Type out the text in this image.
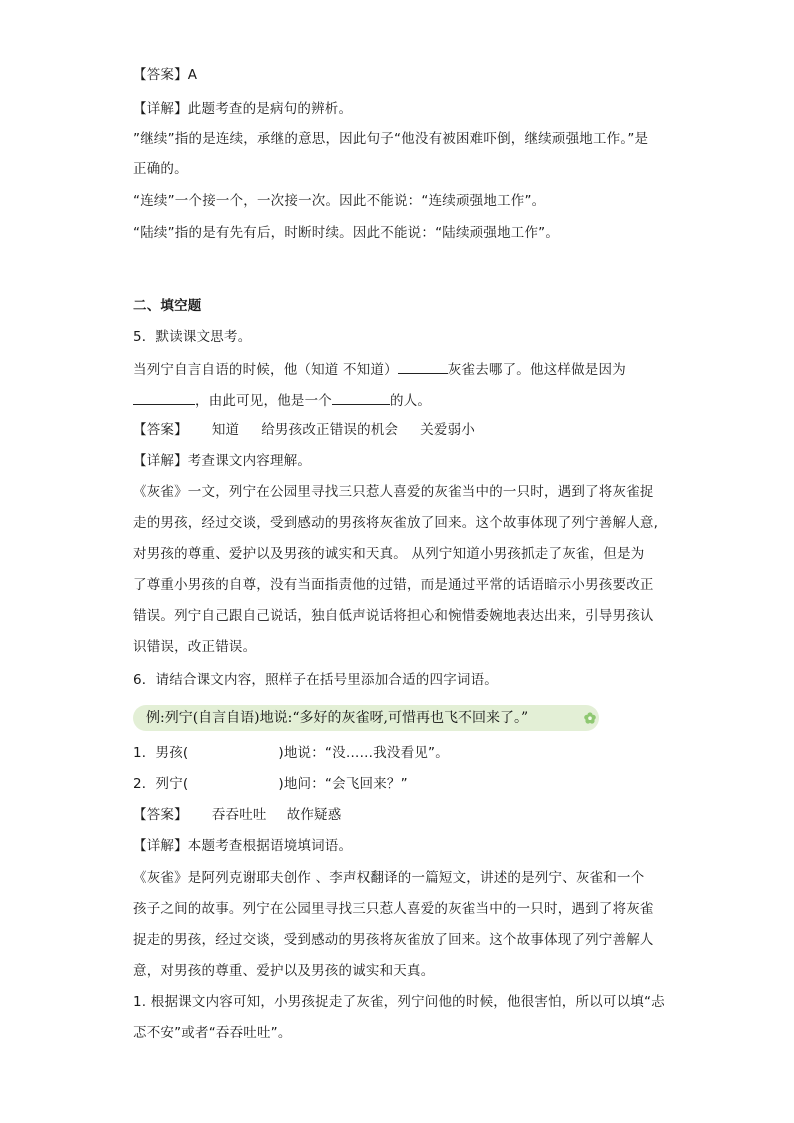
【答案】A
【详解】此题考查的是病句的辨析。
”继续”指的是连续，承继的意思，因此句子“他没有被困难吓倒，继续顽强地工作。”是
正确的。
“连续”一个接一个，一次接一次。因此不能说：“连续顽强地工作”。
“陆续”指的是有先有后，时断时续。因此不能说：“陆续顽强地工作”。
二、填空题
5．默读课文思考。
当列宁自言自语的时候，他（知道 不知道）	灰雀去哪了。他这样做是因为
，由此可见，他是一个	的人。
【答案】 知道 给男孩改正错误的机会 关爱弱小
【详解】考查课文内容理解。
《灰雀》一文，列宁在公园里寻找三只惹人喜爱的灰雀当中的一只时，遇到了将灰雀捉
走的男孩，经过交谈，受到感动的男孩将灰雀放了回来。这个故事体现了列宁善解人意,
对男孩的尊重、爱护以及男孩的诚实和天真。 从列宁知道小男孩抓走了灰雀，但是为
了尊重小男孩的自尊，没有当面指责他的过错，而是通过平常的话语暗示小男孩要改正
错误。列宁自己跟自己说话，独自低声说话将担心和惋惜委婉地表达出来，引导男孩认
识错误，改正错误。
6．请结合课文内容，照样子在括号里添加合适的四字词语。
例:列宁(自言自语)地说:“多好的灰雀呀,可惜再也飞不回来了。”
1．男孩(	)地说：“没……我没看见”。
2．列宁(	)地问：“会飞回来？”
【答案】 吞吞吐吐 故作疑惑
【详解】本题考查根据语境填词语。
《灰雀》是阿列克谢耶夫创作 、李声权翻译的一篇短文，讲述的是列宁、灰雀和一个
孩子之间的故事。列宁在公园里寻找三只惹人喜爱的灰雀当中的一只时，遇到了将灰雀
捉走的男孩，经过交谈，受到感动的男孩将灰雀放了回来。这个故事体现了列宁善解人
意，对男孩的尊重、爱护以及男孩的诚实和天真。
1. 根据课文内容可知，小男孩捉走了灰雀，列宁问他的时候，他很害怕，所以可以填“忐
忑不安”或者“吞吞吐吐”。
